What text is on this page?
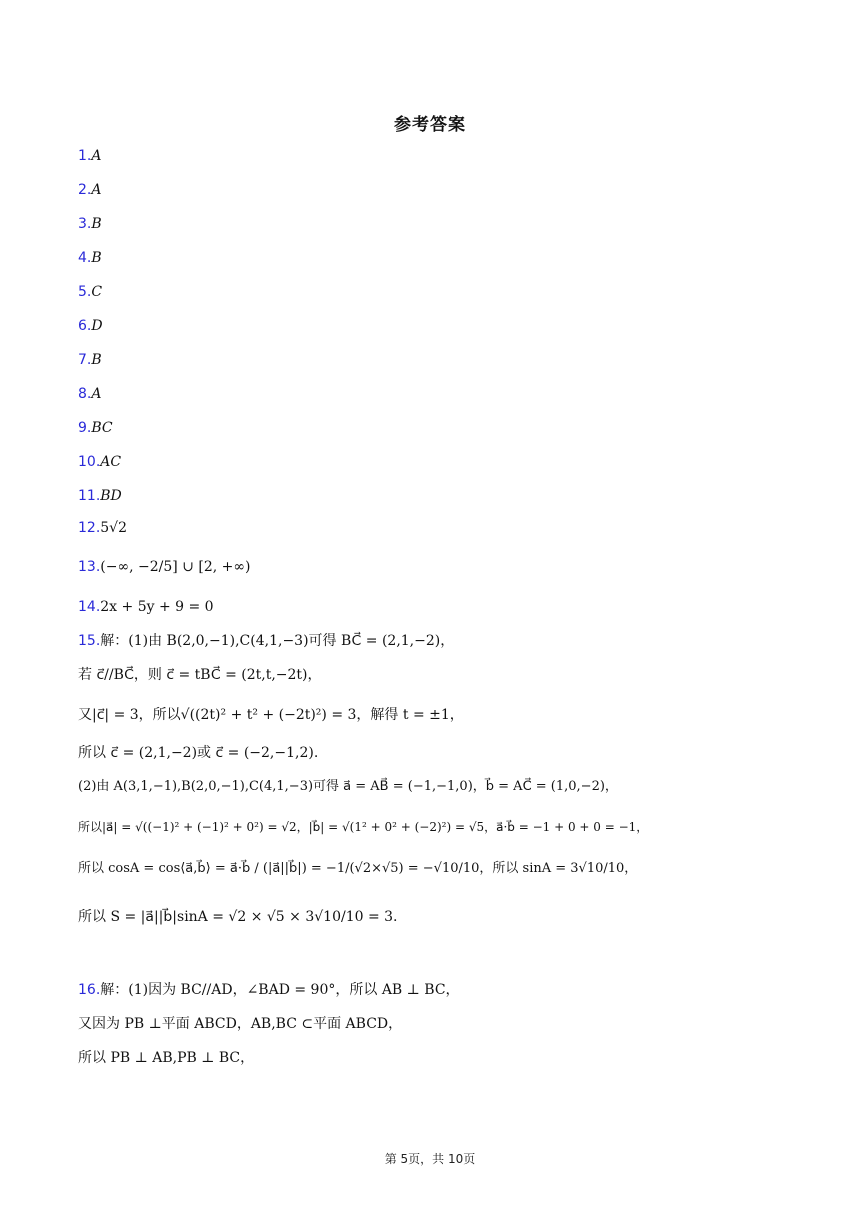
参考答案
1.A
2.A
3.B
4.B
5.C
6.D
7.B
8.A
9.BC
10.AC
11.BD
12.5√2
13.(−∞, −2/5] ∪ [2, +∞)
14.2x + 5y + 9 = 0
15.解：(1)由 B(2,0,−1),C(4,1,−3)可得 BC⃗ = (2,1,−2)，
若 c⃗//BC⃗，则 c⃗ = tBC⃗ = (2t,t,−2t)，
又|c⃗| = 3，所以√((2t)² + t² + (−2t)²) = 3，解得 t = ±1，
所以 c⃗ = (2,1,−2)或 c⃗ = (−2,−1,2).
(2)由 A(3,1,−1),B(2,0,−1),C(4,1,−3)可得 a⃗ = AB⃗ = (−1,−1,0)，b⃗ = AC⃗ = (1,0,−2)，
所以|a⃗| = √((−1)² + (−1)² + 0²) = √2，|b⃗| = √(1² + 0² + (−2)²) = √5，a⃗·b⃗ = −1 + 0 + 0 = −1，
所以 cosA = cos⟨a⃗,b⃗⟩ = a⃗·b⃗ / (|a⃗||b⃗|) = −1/(√2×√5) = −√10/10，所以 sinA = 3√10/10，
所以 S = |a⃗||b⃗|sinA = √2 × √5 × 3√10/10 = 3.
16.解：(1)因为 BC//AD，∠BAD = 90°，所以 AB ⊥ BC，
又因为 PB ⊥平面 ABCD，AB,BC ⊂平面 ABCD，
所以 PB ⊥ AB,PB ⊥ BC，
第 5页，共 10页
